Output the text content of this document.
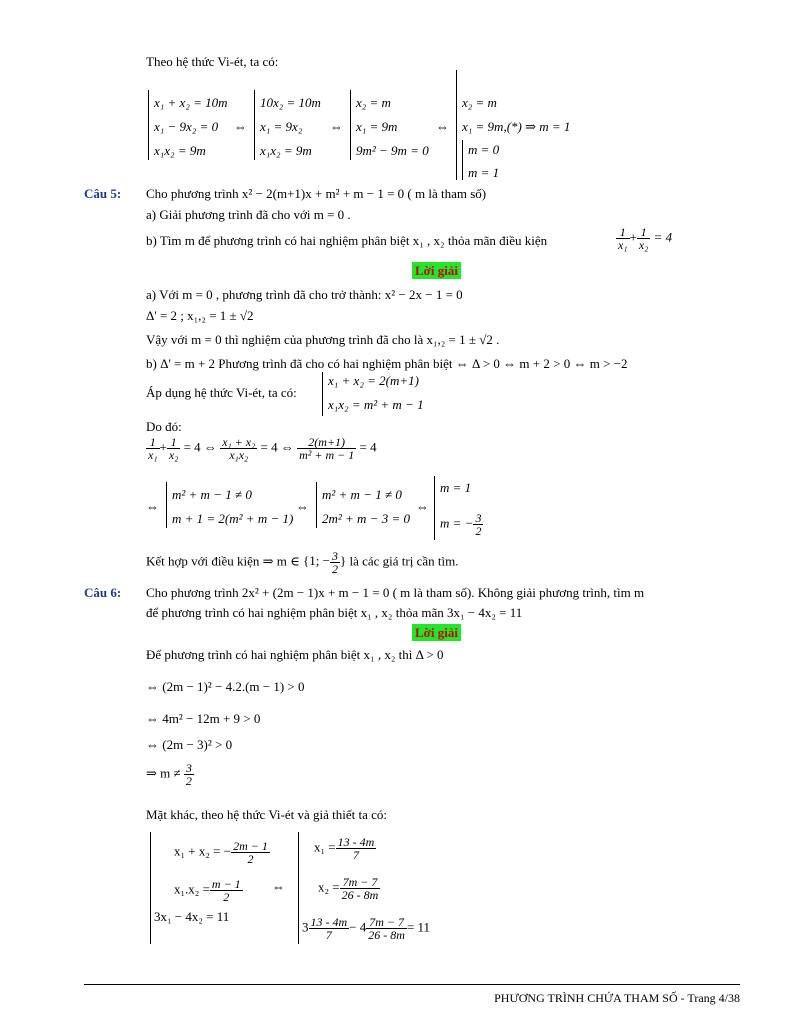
Theo hệ thức Vi-ét, ta có:
x₁ + x₂ = 10m
x₁ − 9x₂ = 0
x₁x₂ = 9m
⇔
10x₂ = 10m
x₁ = 9x₂
x₁x₂ = 9m
⇔
x₂ = m
x₁ = 9m
9m² − 9m = 0
⇔
x₂ = m
x₁ = 9m,(*) ⇒ m = 1
m = 0
m = 1
Câu 5: Cho phương trình x² − 2(m+1)x + m² + m − 1 = 0 ( m là tham số)
a) Giải phương trình đã cho với m = 0 .
b) Tìm m để phương trình có hai nghiệm phân biệt x₁ , x₂ thỏa mãn điều kiện	$\frac{1}{\text{x₁}} + \frac{1}{\text{x₂}} = 4$
Lời giải
a) Với m = 0 , phương trình đã cho trở thành: x² − 2x − 1 = 0
Δ' = 2 ; x₁,₂ = 1 ± √2
Vậy với m = 0 thì nghiệm của phương trình đã cho là x₁,₂ = 1 ± √2 .
b) Δ' = m + 2 Phương trình đã cho có hai nghiệm phân biệt ⇔ Δ > 0 ⇔ m + 2 > 0 ⇔ m > −2
Áp dụng hệ thức Vi-ét, ta có:
x₁ + x₂ = 2(m+1)
x₁x₂ = m² + m − 1
Do đó:
$\frac{1}{\text{x₁}} + \frac{1}{\text{x₂}} = 4$ ⇔ $\frac{\text{x₁ + x₂}}{\text{x₁x₂}} = 4$ ⇔ $\frac{2(m+1)}{\text{m² + m − 1}} = 4$
⇔
m² + m − 1 ≠ 0
m + 1 = 2(m² + m − 1)
⇔
m² + m − 1 ≠ 0
2m² + m − 3 = 0
⇔
m = 1
m = − $\frac{3}{2}$
Kết hợp với điều kiện ⇒ m ∈ {1; − $\frac{3}{2}$ } là các giá trị cần tìm.
Câu 6: Cho phương trình 2x² + (2m − 1)x + m − 1 = 0 ( m là tham số). Không giải phương trình, tìm m
để phương trình có hai nghiệm phân biệt x₁ , x₂ thỏa mãn 3x₁ − 4x₂ = 11
Lời giải
Để phương trình có hai nghiệm phân biệt x₁ , x₂ thì Δ > 0
⇔ (2m − 1)² − 4.2.(m − 1) > 0
⇔ 4m² − 12m + 9 > 0
⇔ (2m − 3)² > 0
⇒ $m \ne \frac{3}{2}$
Mặt khác, theo hệ thức Vi-ét và giả thiết ta có:
x₁ + x₂ = − $\frac{2m - 1}{2}$
$x_1.x_2 = \frac{m - 1}{2}$
3x₁ − 4x₂ = 11
⇔
$x_1 = \frac{13 - 4m}{7}$
$x_2 = \frac{7m - 7}{26 - 8m}$
$3 \frac{13 - 4m}{7} - 4 \frac{7m - 7}{26 - 8m} = 11$
PHƯƠNG TRÌNH CHỨA THAM SỐ - Trang 4/38
